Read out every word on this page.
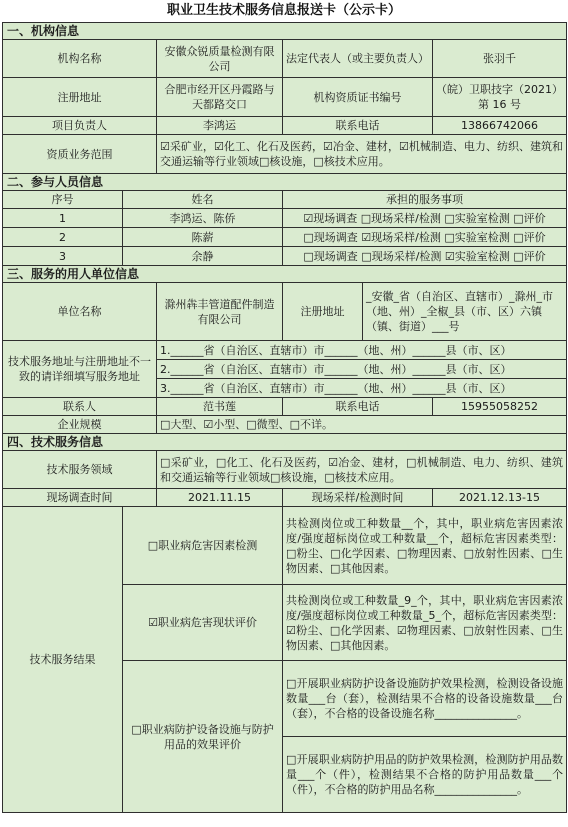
职业卫生技术服务信息报送卡（公示卡）
一、机构信息					
机构名称		安徽众锐质量检测有限公司	法定代表人（或主要负责人）		张羽千
注册地址		合肥市经开区丹霞路与天都路交口	机构资质证书编号		（皖）卫职技字（2021）第 16 号
项目负责人		李鸿运	联系电话		13866742066
资质业务范围		☑采矿业，☑化工、化石及医药，☑冶金、建材，☑机械制造、电力、纺织、建筑和交通运输等行业领域□核设施，□核技术应用。			
二、参与人员信息					
序号	姓名		承担的服务事项		
1	李鸿运、陈侨		☑现场调查 □现场采样/检测 □实验室检测 □评价		
2	陈薪		□现场调查 ☑现场采样/检测 □实验室检测 □评价		
3	余静		□现场调查 □现场采样/检测 ☑实验室检测 □评价		
三、服务的用人单位信息					
单位名称		滁州犇丰管道配件制造有限公司	注册地址	_安徽_省（自治区、直辖市）_滁州_市（地、州）_全椒_县（市、区）六镇（镇、街道）___号	
技术服务地址与注册地址不一致的请详细填写服务地址		1.______省（自治区、直辖市）市______（地、州）______县（市、区）			
		2.______省（自治区、直辖市）市______（地、州）______县（市、区）			
		3.______省（自治区、直辖市）市______（地、州）______县（市、区）			
联系人		范书莲	联系电话		15955058252
企业规模		□大型、☑小型、□微型、□不详。			
四、技术服务信息					
技术服务领域		□采矿业，□化工、化石及医药，☑冶金、建材，□机械制造、电力、纺织、建筑和交通运输等行业领域□核设施，□核技术应用。			
现场调查时间		2021.11.15	现场采样/检测时间		2021.12.13-15
技术服务结果	□职业病危害因素检测		共检测岗位或工种数量__个，其中，职业病危害因素浓度/强度超标岗位或工种数量__个，超标危害因素类型：□粉尘、□化学因素、□物理因素、□放射性因素、□生物因素、□其他因素。		
	☑职业病危害现状评价		共检测岗位或工种数量_9_个，其中，职业病危害因素浓度/强度超标岗位或工种数量_5_个，超标危害因素类型：☑粉尘、□化学因素、☑物理因素、□放射性因素、□生物因素、□其他因素。		
	□职业病防护设备设施与防护用品的效果评价		□开展职业病防护设备设施防护效果检测，检测设备设施数量___台（套），检测结果不合格的设备设施数量___台（套），不合格的设备设施名称_______________。		
			□开展职业病防护用品的防护效果检测，检测防护用品数量___个（件），检测结果不合格的防护用品数量___个（件），不合格的防护用品名称_______________。		
